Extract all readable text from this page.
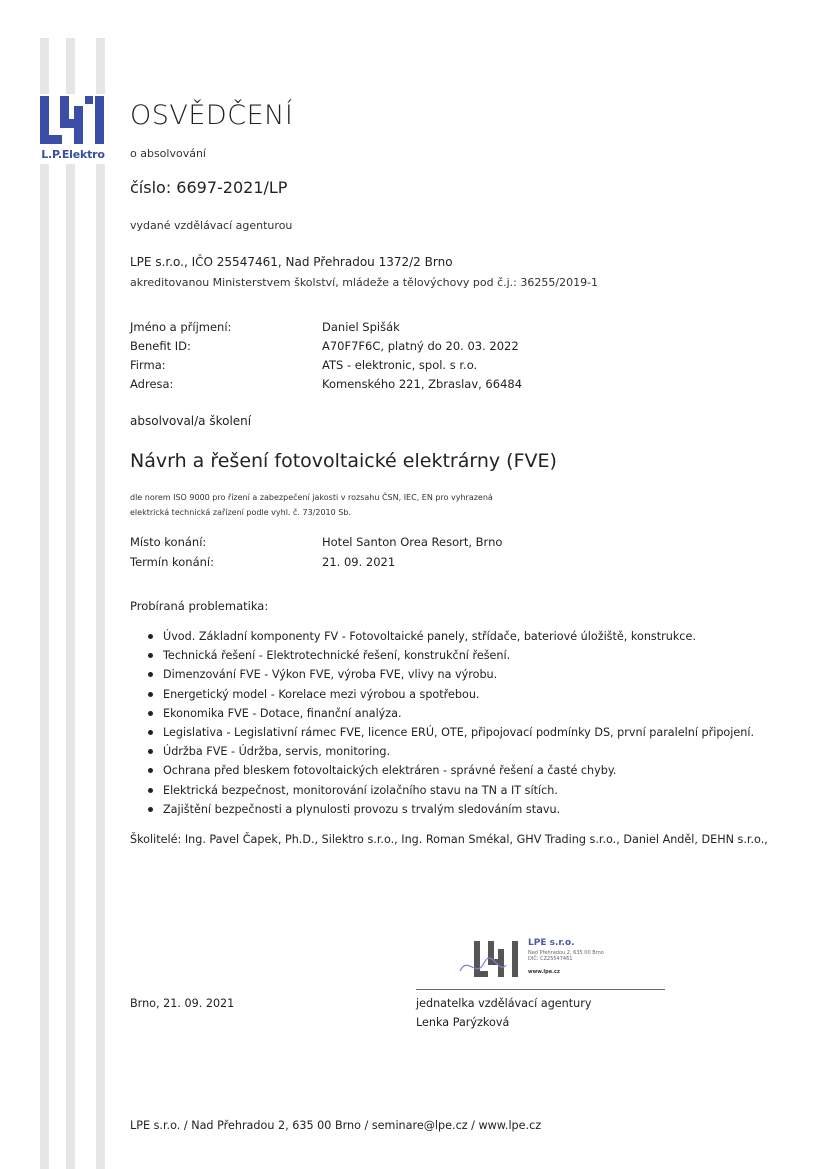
L.P.Elektro
OSVĚDČENÍ
o absolvování
číslo: 6697-2021/LP
vydané vzdělávací agenturou
LPE s.r.o., IČO 25547461, Nad Přehradou 1372/2 Brno
akreditovanou Ministerstvem školství, mládeže a tělovýchovy pod č.j.: 36255/2019-1
Jméno a příjmení:	Daniel Spišák
Benefit ID:	A70F7F6C, platný do 20. 03. 2022
Firma:	ATS - elektronic, spol. s r.o.
Adresa:	Komenského 221, Zbraslav, 66484
absolvoval/a školení
Návrh a řešení fotovoltaické elektrárny (FVE)
dle norem ISO 9000 pro řízení a zabezpečení jakosti v rozsahu ČSN, IEC, EN pro vyhrazená
elektrická technická zařízení podle vyhl. č. 73/2010 Sb.
Místo konání:	Hotel Santon Orea Resort, Brno
Termín konání:	21. 09. 2021
Probíraná problematika:
Úvod. Základní komponenty FV - Fotovoltaické panely, střídače, bateriové úložiště, konstrukce.
Technická řešení - Elektrotechnické řešení, konstrukční řešení.
Dimenzování FVE - Výkon FVE, výroba FVE, vlivy na výrobu.
Energetický model - Korelace mezi výrobou a spotřebou.
Ekonomika FVE - Dotace, finanční analýza.
Legislativa - Legislativní rámec FVE, licence ERÚ, OTE, připojovací podmínky DS, první paralelní připojení.
Údržba FVE - Údržba, servis, monitoring.
Ochrana před bleskem fotovoltaických elektráren - správné řešení a časté chyby.
Elektrická bezpečnost, monitorování izolačního stavu na TN a IT sítích.
Zajištění bezpečnosti a plynulosti provozu s trvalým sledováním stavu.
Školitelé: Ing. Pavel Čapek, Ph.D., Silektro s.r.o., Ing. Roman Smékal, GHV Trading s.r.o., Daniel Anděl, DEHN s.r.o.,
LPE s.r.o.
Nad Přehradou 2, 635 00 Brno
DIČ: CZ25547461
www.lpe.cz
Brno, 21. 09. 2021	jednatelka vzdělávací agentury
Lenka Parýzková
LPE s.r.o. / Nad Přehradou 2, 635 00 Brno / seminare@lpe.cz / www.lpe.cz
